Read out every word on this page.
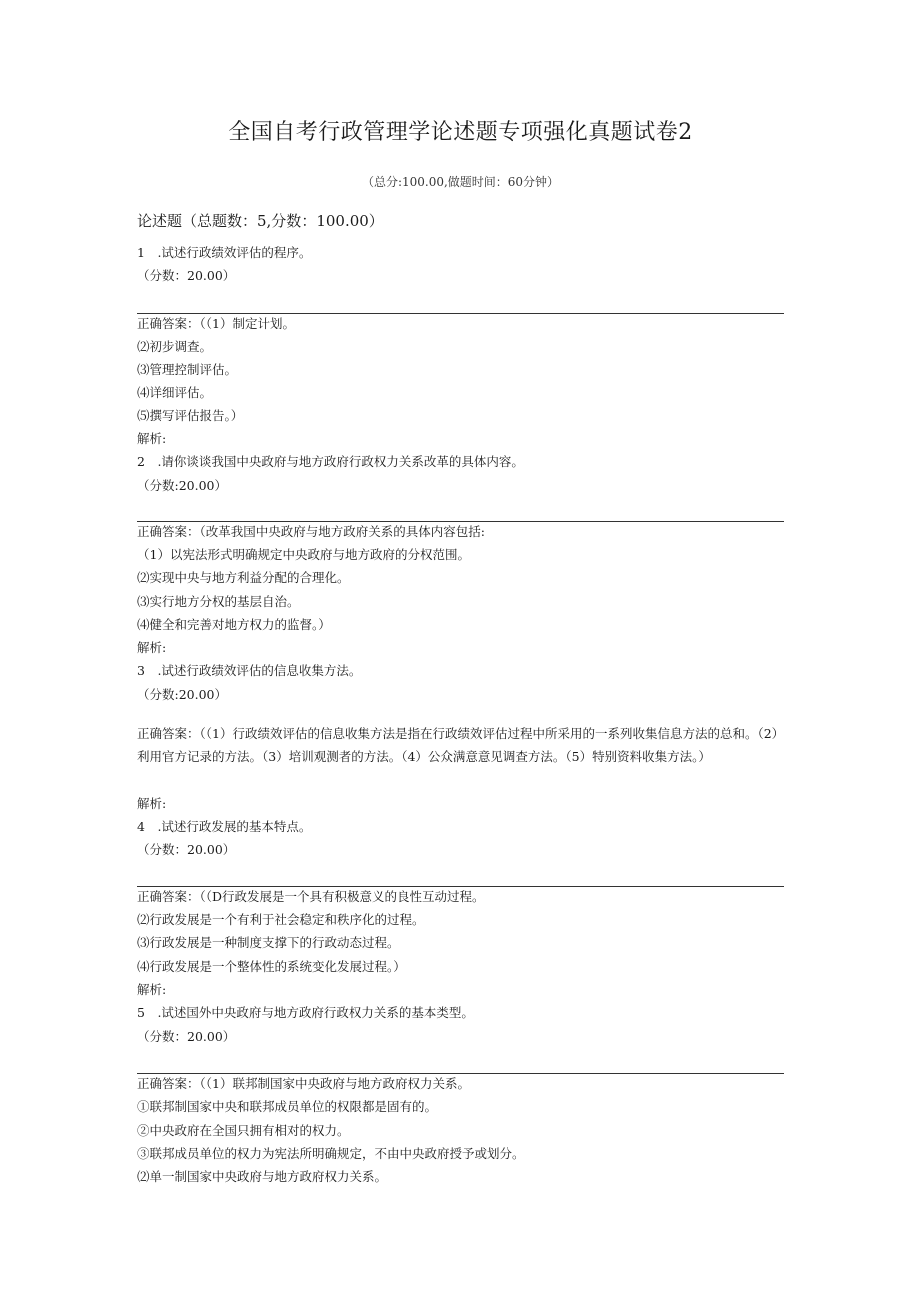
全国自考行政管理学论述题专项强化真题试卷2
（总分:100.00,做题时间：60分钟）
论述题（总题数：5,分数：100.00）
1　.试述行政绩效评估的程序。
（分数：20.00）
正确答案：（（1）制定计划。
⑵初步调查。
⑶管理控制评估。
⑷详细评估。
⑸撰写评估报告。）
解析:
2　.请你谈谈我国中央政府与地方政府行政权力关系改革的具体内容。
（分数:20.00）
正确答案：（改革我国中央政府与地方政府关系的具体内容包括:
（1）以宪法形式明确规定中央政府与地方政府的分权范围。
⑵实现中央与地方利益分配的合理化。
⑶实行地方分权的基层自治。
⑷健全和完善对地方权力的监督。）
解析:
3　.试述行政绩效评估的信息收集方法。
（分数:20.00）
正确答案：（（1）行政绩效评估的信息收集方法是指在行政绩效评估过程中所采用的一系列收集信息方法的总和。（2）利用官方记录的方法。（3）培训观测者的方法。（4）公众满意意见调查方法。（5）特别资料收集方法。）
解析:
4　.试述行政发展的基本特点。
（分数：20.00）
正确答案：（（D行政发展是一个具有积极意义的良性互动过程。
⑵行政发展是一个有利于社会稳定和秩序化的过程。
⑶行政发展是一种制度支撑下的行政动态过程。
⑷行政发展是一个整体性的系统变化发展过程。）
解析:
5　.试述国外中央政府与地方政府行政权力关系的基本类型。
（分数：20.00）
正确答案：（（1）联邦制国家中央政府与地方政府权力关系。
①联邦制国家中央和联邦成员单位的权限都是固有的。
②中央政府在全国只拥有相对的权力。
③联邦成员单位的权力为宪法所明确规定，不由中央政府授予或划分。
⑵单一制国家中央政府与地方政府权力关系。
